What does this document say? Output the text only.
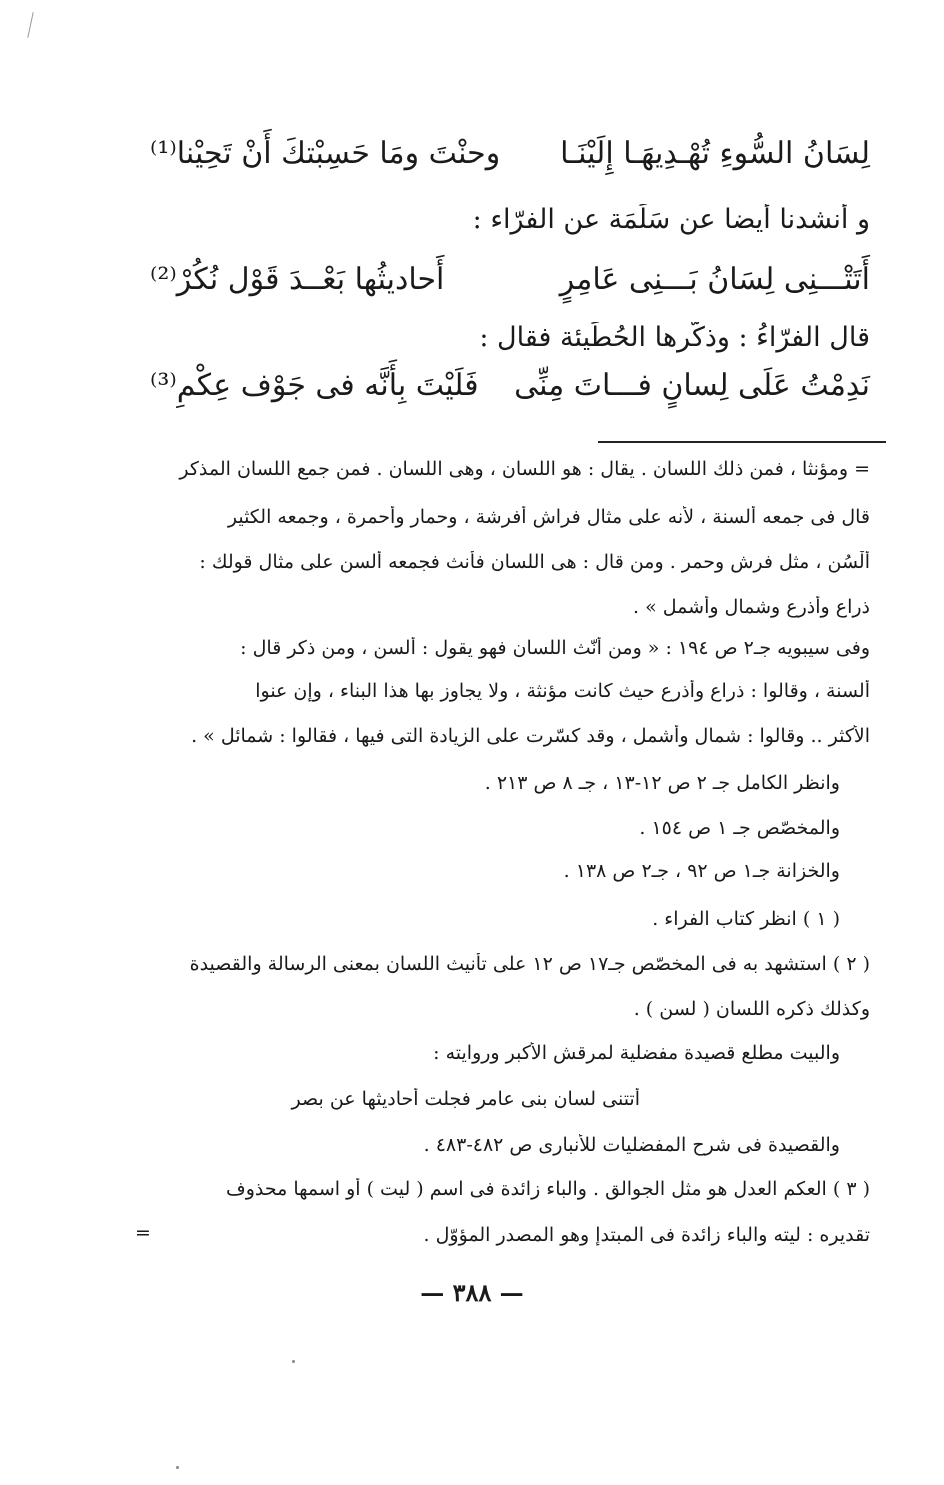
لِسَانُ السُّوءِ تُهْـدِيهَـا إِلَيْنَـا
وحنْتَ ومَا حَسِبْتكَ أَنْ تَحِيْنا⁽¹⁾
و أنشدنا أيضا عن سَلَمَة عن الفرّاء :
أَتَتْـــنِى لِسَانُ بَـــنِى عَامِرٍ
أَحاديثُها بَعْــدَ قَوْل نُكُرْ⁽²⁾
قال الفرّاءُ : وذكّرها الحُطَيئة فقال :
نَدِمْتُ عَلَى لِسانٍ فـــاتَ مِنِّى
فَلَيْتَ بِأَنَّه فى جَوْف عِكْمِ⁽³⁾
= ومؤنثا ، فمن ذلك اللسان . يقال : هو اللسان ، وهى اللسان . فمن جمع اللسان المذكر
قال فى جمعه ألسنة ، لأنه على مثال فراش أفرشة ، وحمار وأحمرة ، وجمعه الكثير
أُلْسُن ، مثل فرش وحمر . ومن قال : هى اللسان فأنث فجمعه ألسن على مثال قولك :
ذراع وأذرع وشمال وأشمل » .
وفى سيبويه جـ٢ ص ١٩٤ : « ومن أنّث اللسان فهو يقول : ألسن ، ومن ذكر قال :
ألسنة ، وقالوا : ذراع وأذرع حيث كانت مؤنثة ، ولا يجاوز بها هذا البناء ، وإن عنوا
الأكثر .. وقالوا : شمال وأشمل ، وقد كسّرت على الزيادة التى فيها ، فقالوا : شمائل » .
وانظر الكامل جـ ٢ ص ١٢-١٣ ، جـ ٨ ص ٢١٣ .
والمخصّص جـ ١ ص ١٥٤ .
والخزانة جـ١ ص ٩٢ ، جـ٢ ص ١٣٨ .
( ١ ) انظر كتاب الفراء .
( ٢ ) استشهد به فى المخصّص جـ١٧ ص ١٢ على تأنيث اللسان بمعنى الرسالة والقصيدة
وكذلك ذكره اللسان ( لسن ) .
والبيت مطلع قصيدة مفضلية لمرقش الأكبر وروايته :
أتتنى لسان بنى عامر فجلت أحاديثها عن بصر
والقصيدة فى شرح المفضليات للأنبارى ص ٤٨٢-٤٨٣ .
( ٣ ) العكم العدل هو مثل الجوالق . والباء زائدة فى اسم ( ليت ) أو اسمها محذوف
تقديره : ليته والباء زائدة فى المبتدإ وهو المصدر المؤوّل .
=
— ٣٨٨ —
